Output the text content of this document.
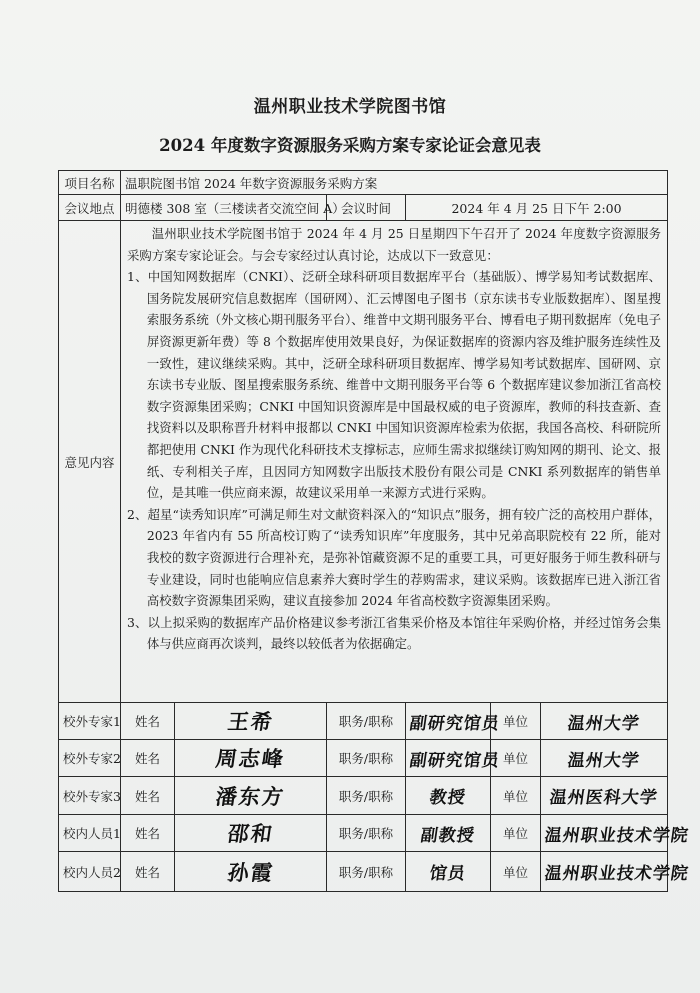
温州职业技术学院图书馆
2024 年度数字资源服务采购方案专家论证会意见表
项目名称	温职院图书馆 2024 年数字资源服务采购方案					
会议地点	明德楼 308 室（三楼读者交流空间 A）		会议时间	2024 年 4 月 25 日下午 2:00		
意见内容	温州职业技术学院图书馆于 2024 年 4 月 25 日星期四下午召开了 2024 年度数字资源服务采购方案专家论证会。与会专家经过认真讨论，达成以下一致意见：

1、中国知网数据库（CNKI）、泛研全球科研项目数据库平台（基础版）、博学易知考试数据库、国务院发展研究信息数据库（国研网）、汇云博图电子图书（京东读书专业版数据库）、图星搜索服务系统（外文核心期刊服务平台）、维普中文期刊服务平台、博看电子期刊数据库（免电子屏资源更新年费）等 8 个数据库使用效果良好，为保证数据库的资源内容及维护服务连续性及一致性，建议继续采购。其中，泛研全球科研项目数据库、博学易知考试数据库、国研网、京东读书专业版、图星搜索服务系统、维普中文期刊服务平台等 6 个数据库建议参加浙江省高校数字资源集团采购；CNKI 中国知识资源库是中国最权威的电子资源库，教师的科技查新、查找资料以及职称晋升材料申报都以 CNKI 中国知识资源库检索为依据，我国各高校、科研院所都把使用 CNKI 作为现代化科研技术支撑标志，应师生需求拟继续订购知网的期刊、论文、报纸、专利相关子库，且因同方知网数字出版技术股份有限公司是 CNKI 系列数据库的销售单位，是其唯一供应商来源，故建议采用单一来源方式进行采购。

2、超星“读秀知识库”可满足师生对文献资料深入的“知识点”服务，拥有较广泛的高校用户群体，2023 年省内有 55 所高校订购了“读秀知识库”年度服务，其中兄弟高职院校有 22 所，能对我校的数字资源进行合理补充，是弥补馆藏资源不足的重要工具，可更好服务于师生教科研与专业建设，同时也能响应信息素养大赛时学生的荐购需求，建议采购。该数据库已进入浙江省高校数字资源集团采购，建议直接参加 2024 年省高校数字资源集团采购。

3、以上拟采购的数据库产品价格建议参考浙江省集采价格及本馆往年采购价格，并经过馆务会集体与供应商再次谈判，最终以较低者为依据确定。					

校外专家1	姓名	王希	职务/职称	副研究馆员	单位	温州大学
校外专家2	姓名	周志峰	职务/职称	副研究馆员	单位	温州大学
校外专家3	姓名	潘东方	职务/职称	教授	单位	温州医科大学
校内人员1	姓名	邵和	职务/职称	副教授	单位	温州职业技术学院
校内人员2	姓名	孙霞	职务/职称	馆员	单位	温州职业技术学院
